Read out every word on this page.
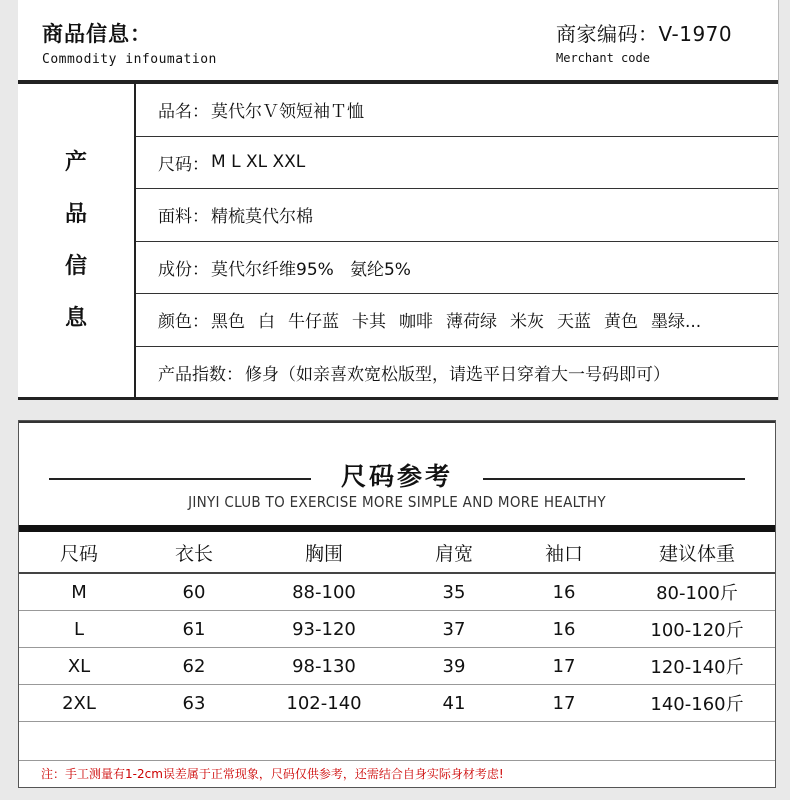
商品信息：
Commodity infoumation
商家编码：V-1970
Merchant code
产
品
信
息
品名： 莫代尔Ｖ领短袖Ｔ恤
尺码： M L XL XXL
面料： 精梳莫代尔棉
成份： 莫代尔纤维95%   氨纶5%
颜色： 黑色 白 牛仔蓝 卡其 咖啡 薄荷绿 米灰 天蓝 黄色 墨绿...
产品指数： 修身（如亲喜欢宽松版型，请选平日穿着大一号码即可）
尺码参考
JINYI CLUB TO EXERCISE MORE SIMPLE AND MORE HEALTHY
尺码	衣长	胸围	肩宽	袖口	建议体重
M	60	88-100	35	16	80-100斤
L	61	93-120	37	16	100-120斤
XL	62	98-130	39	17	120-140斤
2XL	63	102-140	41	17	140-160斤

注：手工测量有1-2cm误差属于正常现象，尺码仅供参考，还需结合自身实际身材考虑!
